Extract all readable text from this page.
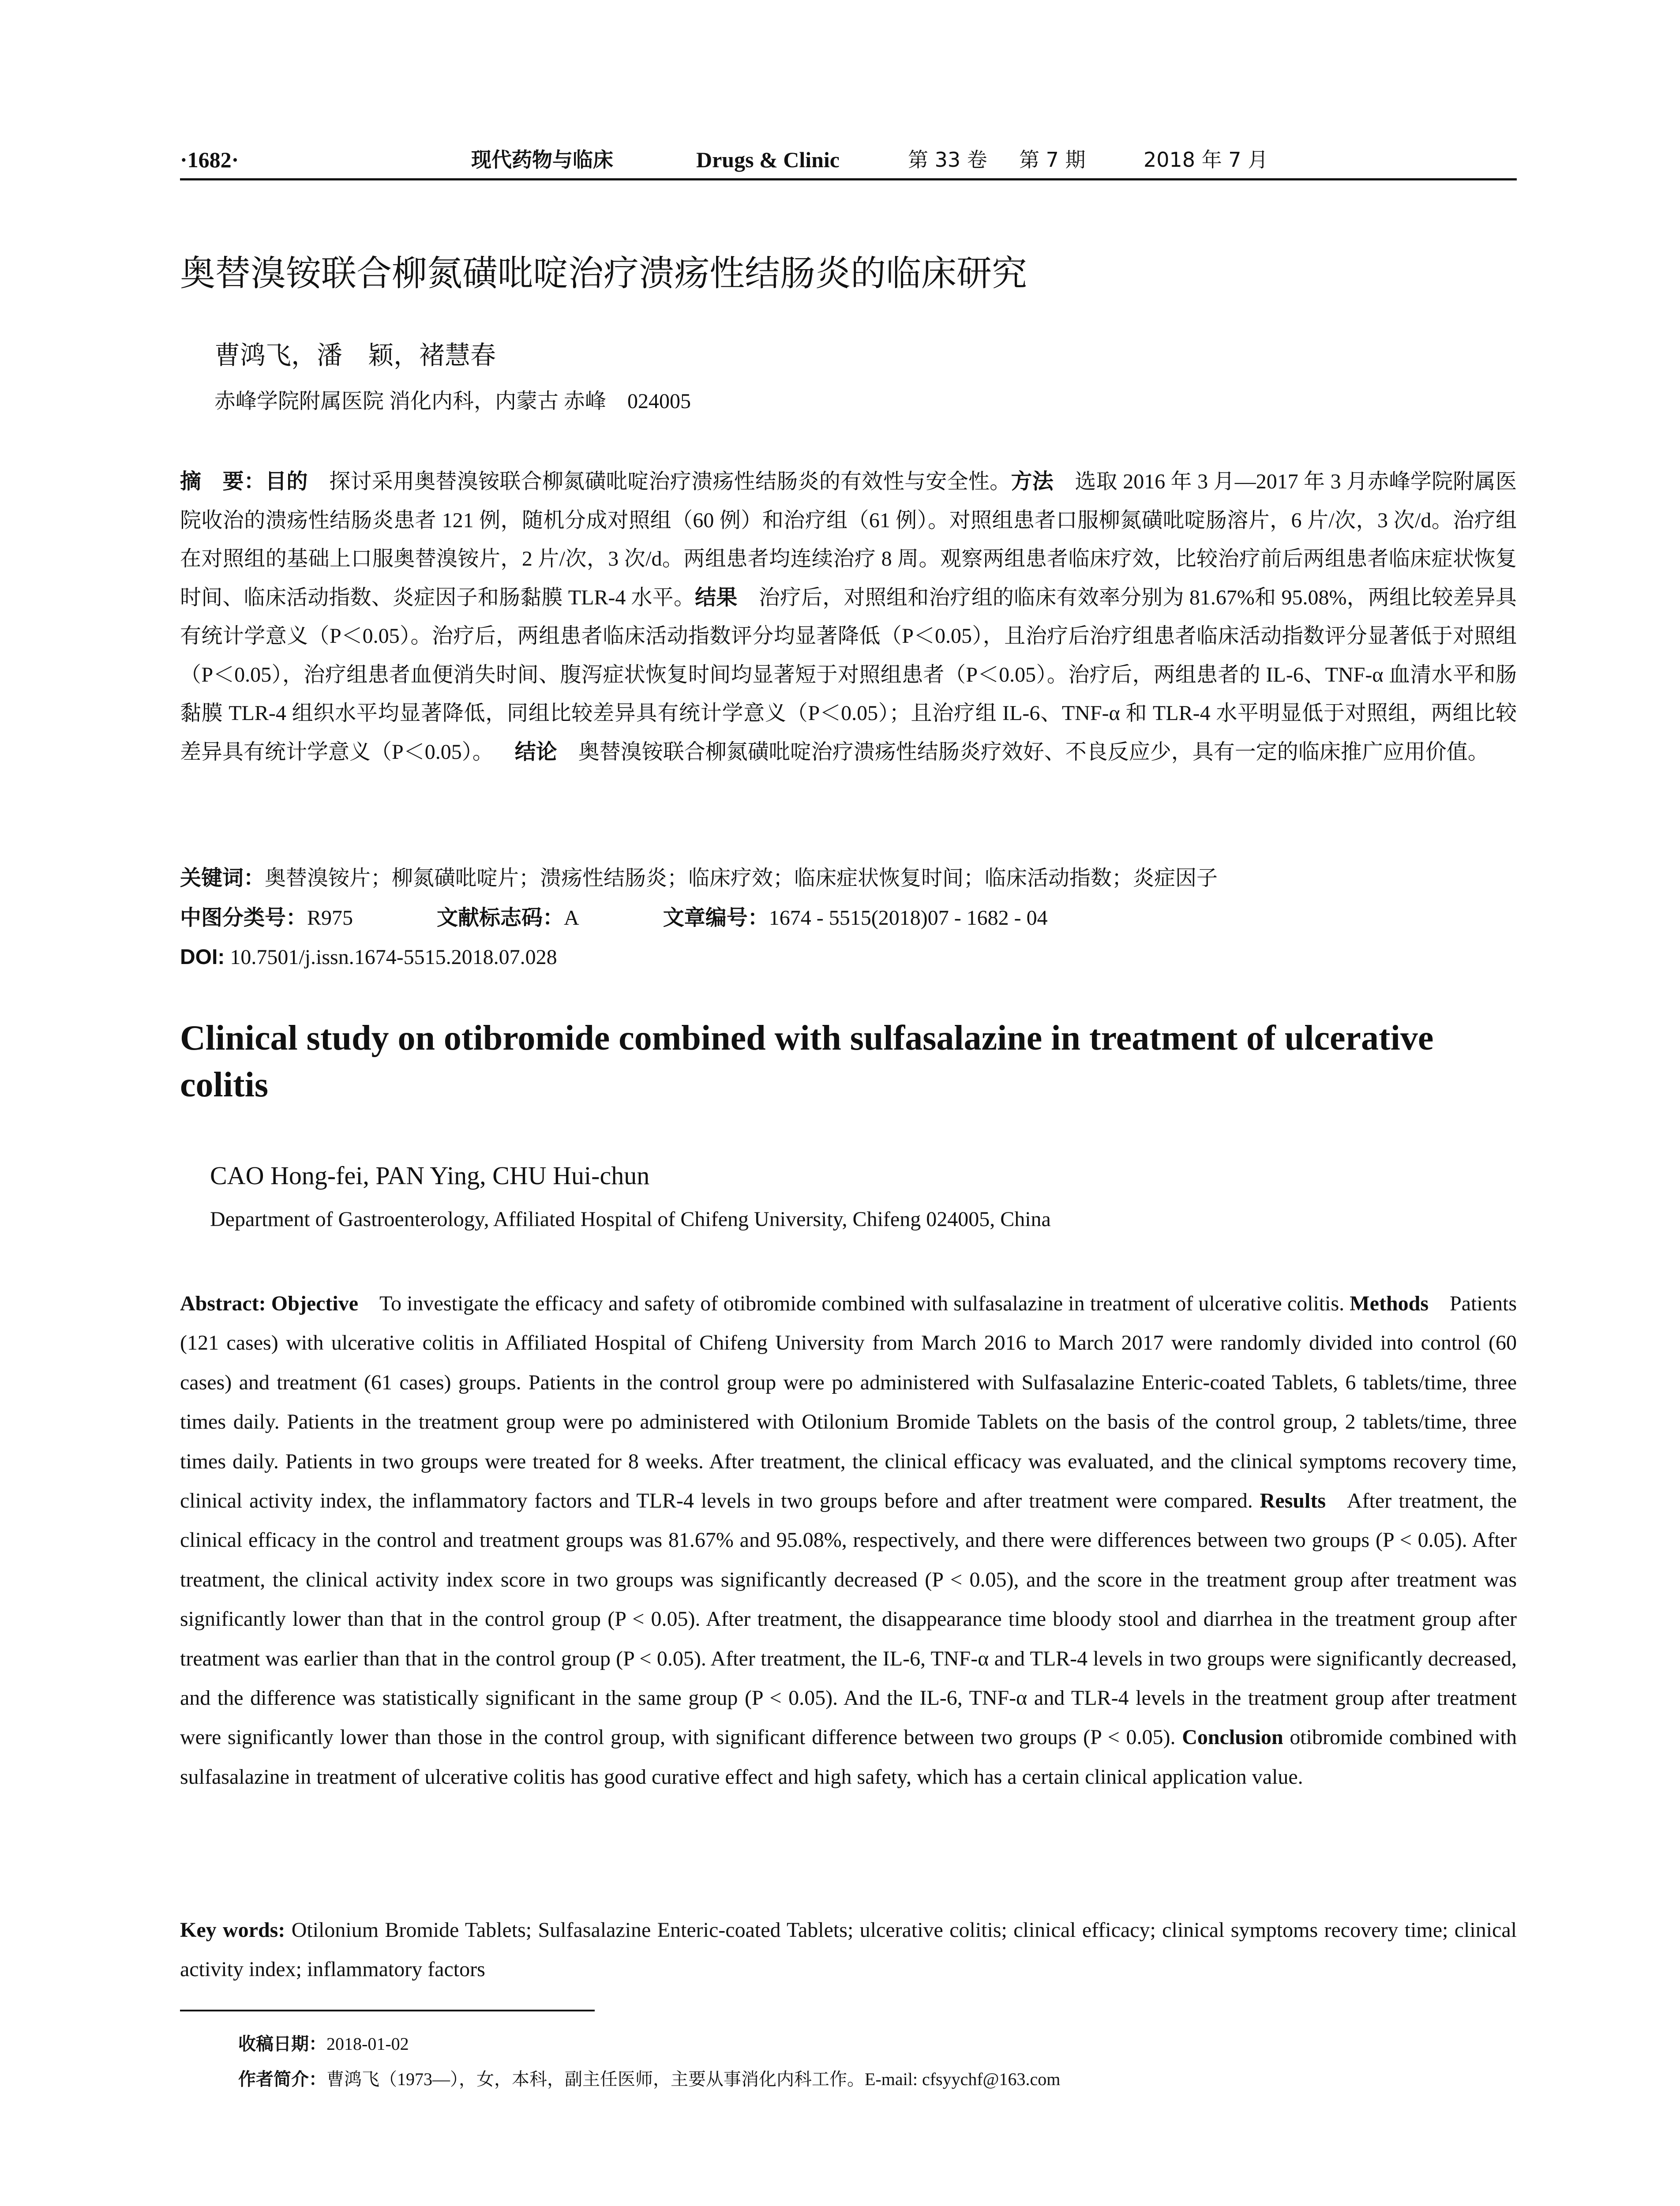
·1682·	现代药物与临床	Drugs & Clinic	第 33 卷 第 7 期	2018 年 7 月
奥替溴铵联合柳氮磺吡啶治疗溃疡性结肠炎的临床研究
曹鸿飞，潘　颖，褚慧春
赤峰学院附属医院 消化内科，内蒙古 赤峰　024005
摘　要：目的  探讨采用奥替溴铵联合柳氮磺吡啶治疗溃疡性结肠炎的有效性与安全性。方法  选取 2016 年 3 月—2017 年 3 月赤峰学院附属医院收治的溃疡性结肠炎患者 121 例，随机分成对照组（60 例）和治疗组（61 例）。对照组患者口服柳氮磺吡啶肠溶片，6 片/次，3 次/d。治疗组在对照组的基础上口服奥替溴铵片，2 片/次，3 次/d。两组患者均连续治疗 8 周。观察两组患者临床疗效，比较治疗前后两组患者临床症状恢复时间、临床活动指数、炎症因子和肠黏膜 TLR-4 水平。结果  治疗后，对照组和治疗组的临床有效率分别为 81.67%和 95.08%，两组比较差异具有统计学意义（P＜0.05）。治疗后，两组患者临床活动指数评分均显著降低（P＜0.05），且治疗后治疗组患者临床活动指数评分显著低于对照组（P＜0.05），治疗组患者血便消失时间、腹泻症状恢复时间均显著短于对照组患者（P＜0.05）。治疗后，两组患者的 IL-6、TNF-α 血清水平和肠黏膜 TLR-4 组织水平均显著降低，同组比较差异具有统计学意义（P＜0.05）；且治疗组 IL-6、TNF-α 和 TLR-4 水平明显低于对照组，两组比较差异具有统计学意义（P＜0.05）。  结论  奥替溴铵联合柳氮磺吡啶治疗溃疡性结肠炎疗效好、不良反应少，具有一定的临床推广应用价值。
关键词：奥替溴铵片；柳氮磺吡啶片；溃疡性结肠炎；临床疗效；临床症状恢复时间；临床活动指数；炎症因子
中图分类号：R975	文献标志码：A	文章编号：1674 - 5515(2018)07 - 1682 - 04
DOI: 10.7501/j.issn.1674-5515.2018.07.028
Clinical study on otibromide combined with sulfasalazine in treatment of ulcerative colitis
CAO Hong-fei, PAN Ying, CHU Hui-chun
Department of Gastroenterology, Affiliated Hospital of Chifeng University, Chifeng 024005, China
Abstract: Objective  To investigate the efficacy and safety of otibromide combined with sulfasalazine in treatment of ulcerative colitis. Methods  Patients (121 cases) with ulcerative colitis in Affiliated Hospital of Chifeng University from March 2016 to March 2017 were randomly divided into control (60 cases) and treatment (61 cases) groups. Patients in the control group were po administered with Sulfasalazine Enteric-coated Tablets, 6 tablets/time, three times daily. Patients in the treatment group were po administered with Otilonium Bromide Tablets on the basis of the control group, 2 tablets/time, three times daily. Patients in two groups were treated for 8 weeks. After treatment, the clinical efficacy was evaluated, and the clinical symptoms recovery time, clinical activity index, the inflammatory factors and TLR-4 levels in two groups before and after treatment were compared. Results  After treatment, the clinical efficacy in the control and treatment groups was 81.67% and 95.08%, respectively, and there were differences between two groups (P < 0.05). After treatment, the clinical activity index score in two groups was significantly decreased (P < 0.05), and the score in the treatment group after treatment was significantly lower than that in the control group (P < 0.05). After treatment, the disappearance time bloody stool and diarrhea in the treatment group after treatment was earlier than that in the control group (P < 0.05). After treatment, the IL-6, TNF-α and TLR-4 levels in two groups were significantly decreased, and the difference was statistically significant in the same group (P < 0.05). And the IL-6, TNF-α and TLR-4 levels in the treatment group after treatment were significantly lower than those in the control group, with significant difference between two groups (P < 0.05). Conclusion otibromide combined with sulfasalazine in treatment of ulcerative colitis has good curative effect and high safety, which has a certain clinical application value.
Key words: Otilonium Bromide Tablets; Sulfasalazine Enteric-coated Tablets; ulcerative colitis; clinical efficacy; clinical symptoms recovery time; clinical activity index; inflammatory factors
收稿日期：2018-01-02
作者简介：曹鸿飞（1973—），女，本科，副主任医师，主要从事消化内科工作。E-mail: cfsyychf@163.com
